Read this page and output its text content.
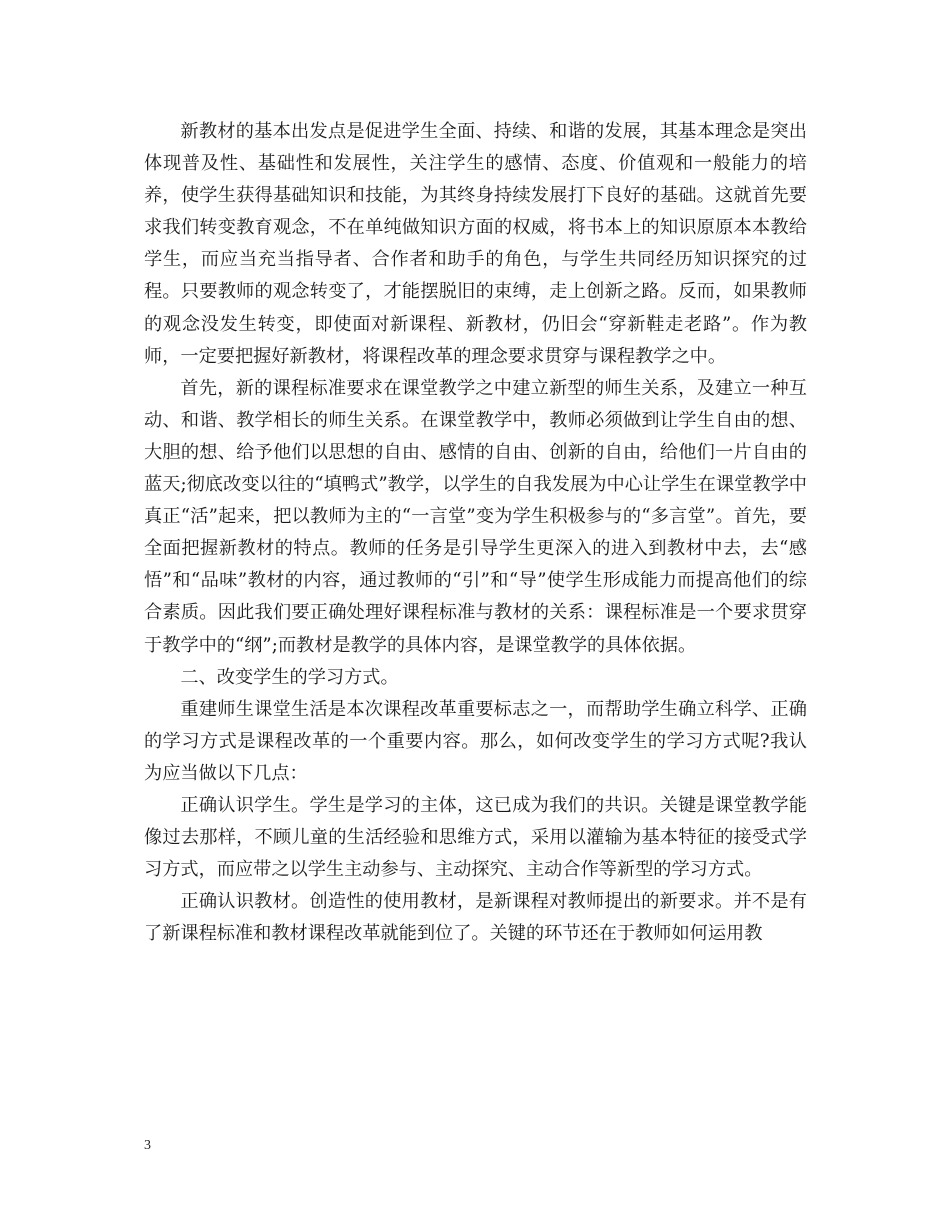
新教材的基本出发点是促进学生全面、持续、和谐的发展，其基本理念是突出体现普及性、基础性和发展性，关注学生的感情、态度、价值观和一般能力的培养，使学生获得基础知识和技能，为其终身持续发展打下良好的基础。这就首先要求我们转变教育观念，不在单纯做知识方面的权威，将书本上的知识原原本本教给学生，而应当充当指导者、合作者和助手的角色，与学生共同经历知识探究的过程。只要教师的观念转变了，才能摆脱旧的束缚，走上创新之路。反而，如果教师的观念没发生转变，即使面对新课程、新教材，仍旧会“穿新鞋走老路”。作为教师，一定要把握好新教材，将课程改革的理念要求贯穿与课程教学之中。

首先，新的课程标准要求在课堂教学之中建立新型的师生关系，及建立一种互动、和谐、教学相长的师生关系。在课堂教学中，教师必须做到让学生自由的想、大胆的想、给予他们以思想的自由、感情的自由、创新的自由，给他们一片自由的蓝天;彻底改变以往的“填鸭式”教学，以学生的自我发展为中心让学生在课堂教学中真正“活”起来，把以教师为主的“一言堂”变为学生积极参与的“多言堂”。首先，要全面把握新教材的特点。教师的任务是引导学生更深入的进入到教材中去，去“感悟”和“品味”教材的内容，通过教师的“引”和“导”使学生形成能力而提高他们的综合素质。因此我们要正确处理好课程标准与教材的关系：课程标准是一个要求贯穿于教学中的“纲”;而教材是教学的具体内容，是课堂教学的具体依据。

二、改变学生的学习方式。

重建师生课堂生活是本次课程改革重要标志之一，而帮助学生确立科学、正确的学习方式是课程改革的一个重要内容。那么，如何改变学生的学习方式呢?我认为应当做以下几点：

正确认识学生。学生是学习的主体，这已成为我们的共识。关键是课堂教学能像过去那样，不顾儿童的生活经验和思维方式，采用以灌输为基本特征的接受式学习方式，而应带之以学生主动参与、主动探究、主动合作等新型的学习方式。

正确认识教材。创造性的使用教材，是新课程对教师提出的新要求。并不是有了新课程标准和教材课程改革就能到位了。关键的环节还在于教师如何运用教

3
